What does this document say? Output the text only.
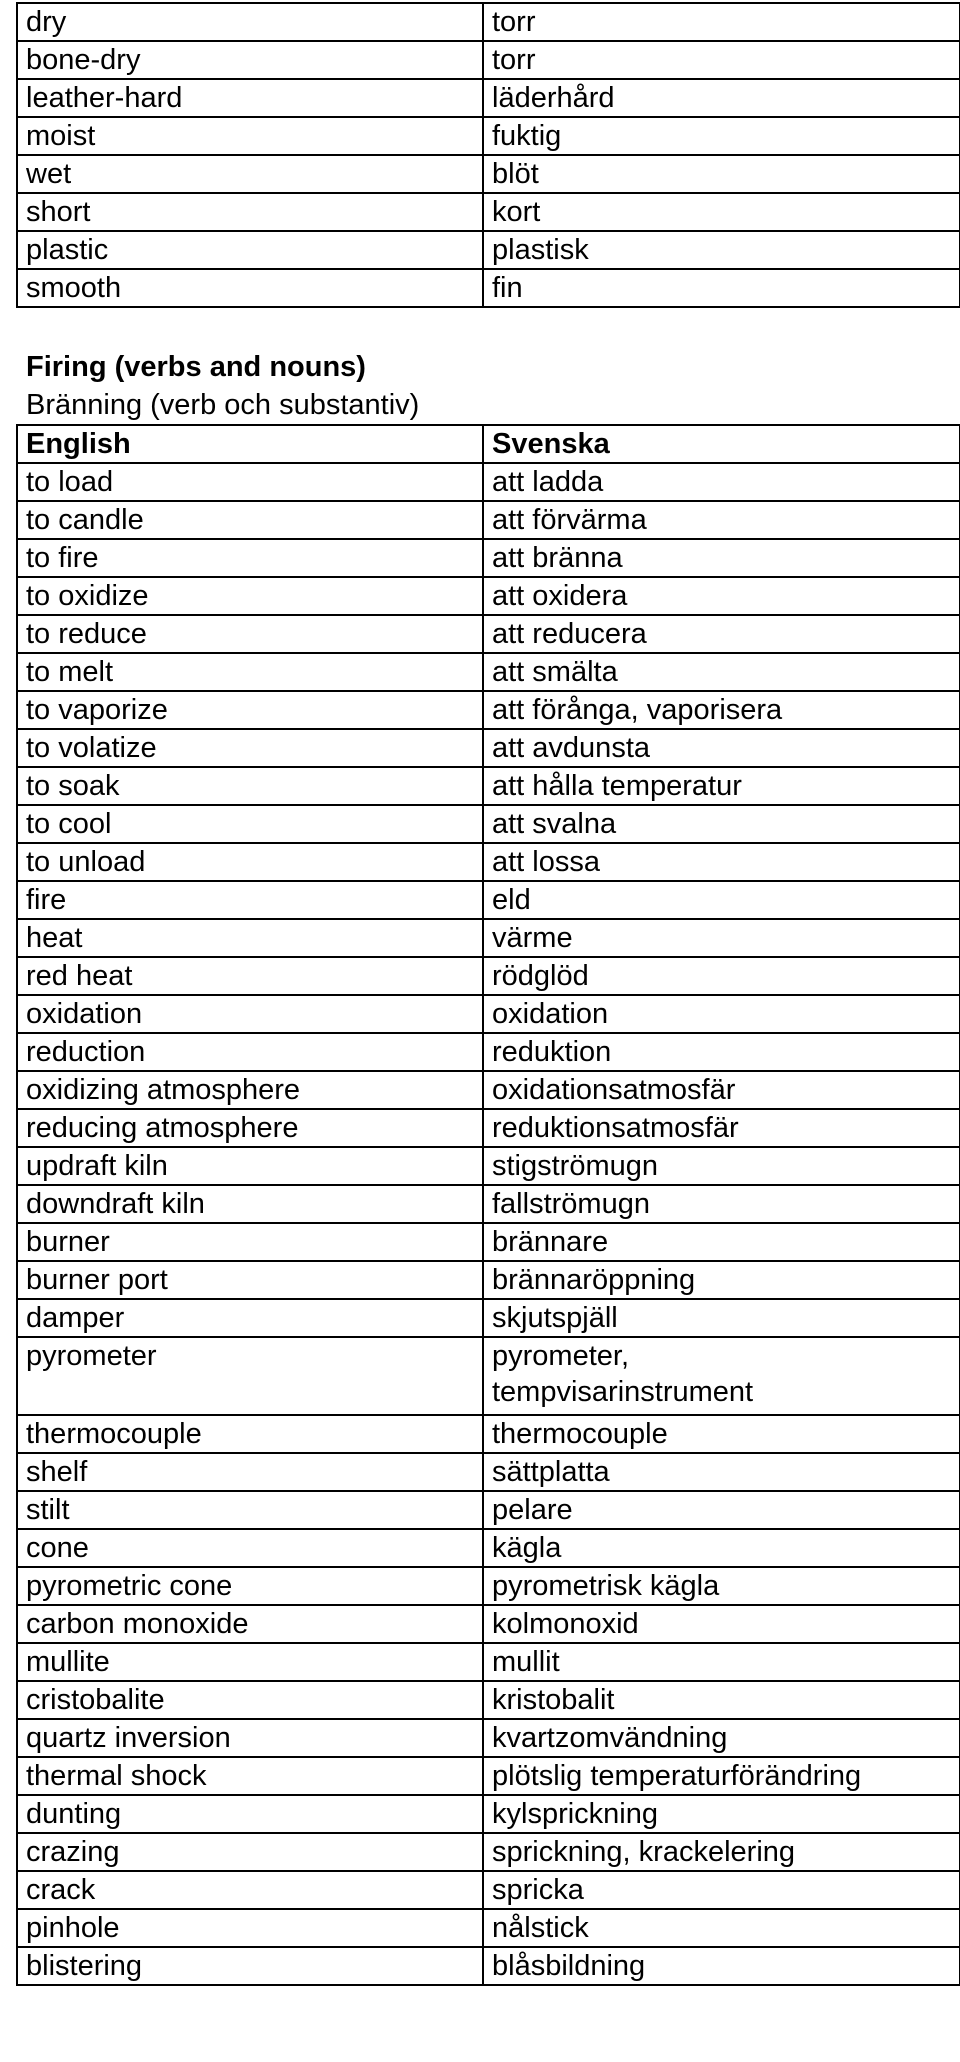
dry	torr
bone-dry	torr
leather-hard	läderhård
moist	fuktig
wet	blöt
short	kort
plastic	plastisk
smooth	fin
Firing (verbs and nouns)
Bränning (verb och substantiv)
English	Svenska
to load	att ladda
to candle	att förvärma
to fire	att bränna
to oxidize	att oxidera
to reduce	att reducera
to melt	att smälta
to vaporize	att förånga, vaporisera
to volatize	att avdunsta
to soak	att hålla temperatur
to cool	att svalna
to unload	att lossa
fire	eld
heat	värme
red heat	rödglöd
oxidation	oxidation
reduction	reduktion
oxidizing atmosphere	oxidationsatmosfär
reducing atmosphere	reduktionsatmosfär
updraft kiln	stigströmugn
downdraft kiln	fallströmugn
burner	brännare
burner port	brännaröppning
damper	skjutspjäll
pyrometer	pyrometer,
tempvisarinstrument
thermocouple	thermocouple
shelf	sättplatta
stilt	pelare
cone	kägla
pyrometric cone	pyrometrisk kägla
carbon monoxide	kolmonoxid
mullite	mullit
cristobalite	kristobalit
quartz inversion	kvartzomvändning
thermal shock	plötslig temperaturförändring
dunting	kylsprickning
crazing	sprickning, krackelering
crack	spricka
pinhole	nålstick
blistering	blåsbildning
